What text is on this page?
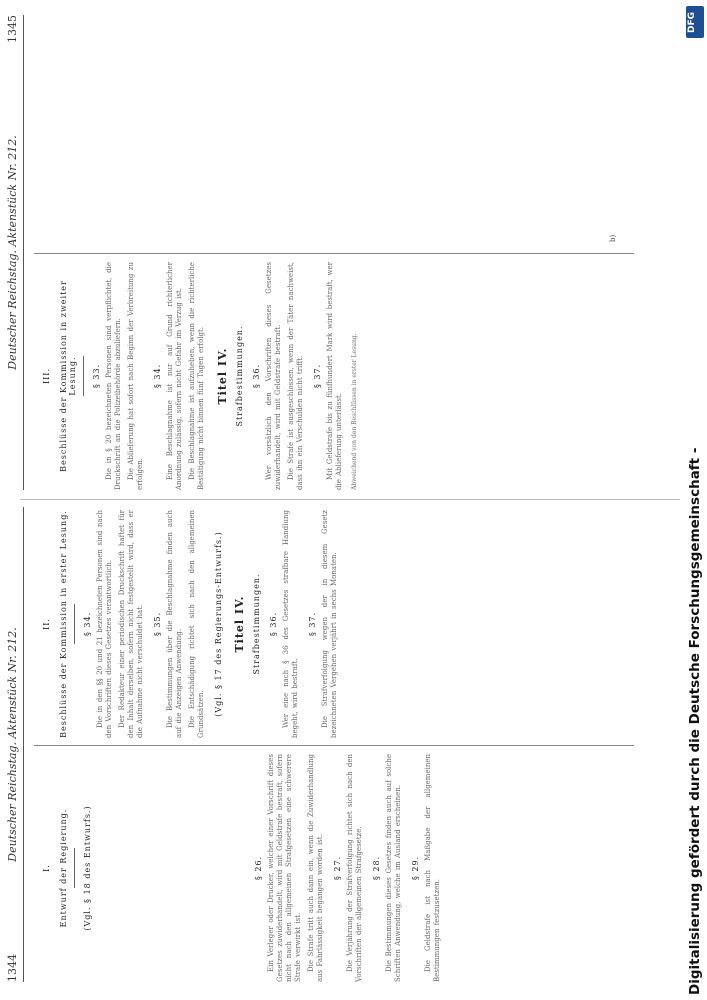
1344
Deutscher Reichstag. Aktenstück Nr. 212.
I. Entwurf der Regierung. (Vgl. § 18 des Entwurfs.)	§ 26. Ein Verleger oder Drucker, welcher einer Vorschrift dieses Gesetzes zuwiderhandelt, wird mit Geldstrafe bestraft, sofern nicht nach den allgemeinen Strafgesetzen eine schwerere Strafe verwirkt ist. Die Strafe tritt auch dann ein, wenn die Zuwiderhandlung aus Fahrlässigkeit begangen worden ist. § 27. Die Verjährung der Strafverfolgung richtet sich nach den Vorschriften der allgemeinen Strafgesetze. § 28. Die Bestimmungen dieses Gesetzes finden auch auf solche Schriften Anwendung, welche im Ausland erscheinen. § 29. Die Geldstrafe ist nach Maßgabe der allgemeinen Bestimmungen festzusetzen.

II. Beschlüsse der Kommission in erster Lesung. § 34. Die in den §§ 20 und 21 bezeichneten Personen sind nach den Vorschriften dieses Gesetzes verantwortlich. Der Redakteur einer periodischen Druckschrift haftet für den Inhalt derselben, sofern nicht festgestellt wird, dass er die Aufnahme nicht verschuldet hat. § 35. Die Bestimmungen über die Beschlagnahme finden auch auf die Anzeigen Anwendung. Die Entschädigung richtet sich nach den allgemeinen Grundsätzen. (Vgl. § 17 des Regierungs-Entwurfs.) Titel IV. Strafbestimmungen. § 36. Wer eine nach § 36 des Gesetzes strafbare Handlung begeht, wird bestraft.

§ 37. Die Strafverfolgung wegen der in diesem Gesetz bezeichneten Vergehen verjährt in sechs Monaten.

Deutscher Reichstag. Aktenstück Nr. 212.
1345
III. Beschlüsse der Kommission in zweiter Lesung. § 33. Die in § 20 bezeichneten Personen sind verpflichtet, die Druckschrift an die Polizeibehörde abzuliefern. Die Ablieferung hat sofort nach Beginn der Verbreitung zu erfolgen.

§ 34. Eine Beschlagnahme ist nur auf Grund richterlicher Anordnung zulässig, sofern nicht Gefahr im Verzug ist. Die Beschlagnahme ist aufzuheben, wenn die richterliche Bestätigung nicht binnen fünf Tagen erfolgt. Titel IV. Strafbestimmungen. § 36. Wer vorsätzlich den Vorschriften dieses Gesetzes zuwiderhandelt, wird mit Geldstrafe bestraft. Die Strafe ist ausgeschlossen, wenn der Täter nachweist, dass ihn ein Verschulden nicht trifft. § 37. Mit Geldstrafe bis zu fünfhundert Mark wird bestraft, wer die Ablieferung unterlässt. Abweichend von den Beschlüssen in erster Lesung.

b)
DFG
Digitalisierung gefördert durch die Deutsche Forschungsgemeinschaft -
